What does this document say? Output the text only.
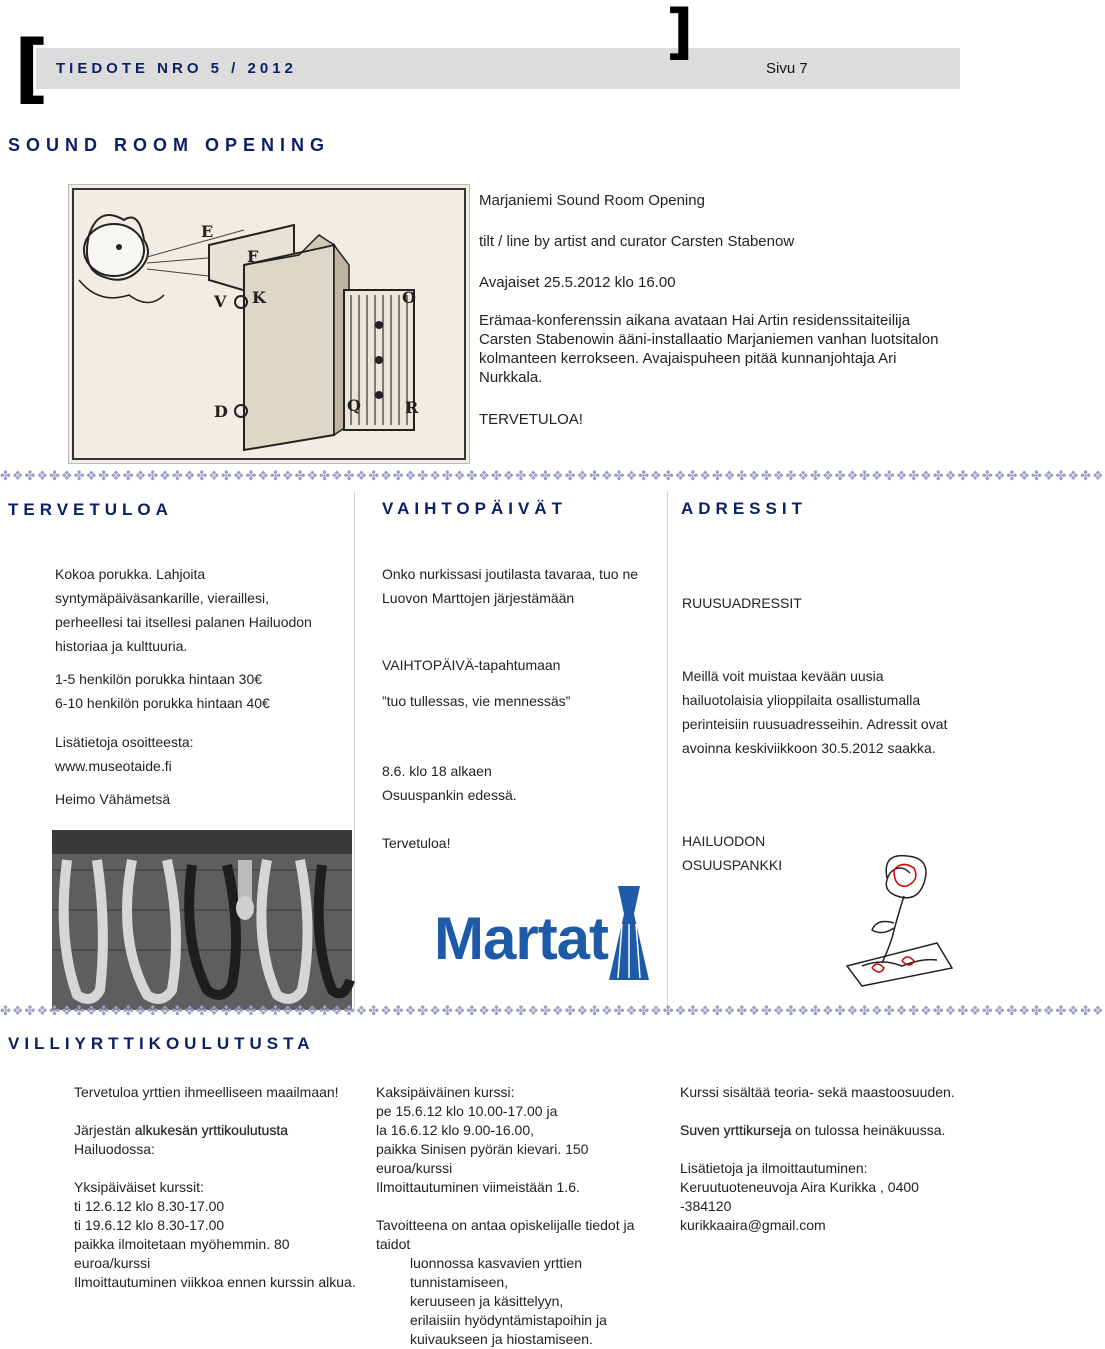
[	]
TIEDOTE NRO 5 / 2012	Sivu 7
SOUND ROOM OPENING
E
F
V K	O
D	Q	R
Marjaniemi Sound Room Opening
tilt / line by artist and curator Carsten Stabenow
Avajaiset 25.5.2012 klo 16.00
Erämaa-konferenssin aikana avataan Hai Artin residenssitaiteilija Carsten Stabenowin ääni-installaatio Marjaniemen vanhan luotsitalon kolmanteen kerrokseen. Avajaispuheen pitää kunnanjohtaja Ari Nurkkala.
TERVETULOA!
✤❖✤❖✤❖✤❖✤❖✤❖✤❖✤❖✤❖✤❖✤❖✤❖✤❖✤❖✤❖✤❖✤❖✤❖✤❖✤❖✤❖✤❖✤❖✤❖✤❖✤❖✤❖✤❖✤❖✤❖✤❖✤❖✤❖✤❖✤❖✤❖✤❖✤❖✤❖✤❖✤❖✤❖✤❖✤❖✤❖
TERVETULOA	VAIHTOPÄIVÄT	ADRESSIT
Kokoa porukka. Lahjoita syntymäpäiväsankarille, vieraillesi, perheellesi tai itsellesi palanen Hailuodon historiaa ja kulttuuria.
1-5 henkilön porukka hintaan 30€
6-10 henkilön porukka hintaan 40€
Lisätietoja osoitteesta: www.museotaide.fi
Heimo Vähämetsä
Onko nurkissasi joutilasta tavaraa, tuo ne Luovon Marttojen järjestämään
VAIHTOPÄIVÄ-tapahtumaan
”tuo tullessas, vie mennessäs”
8.6. klo 18 alkaen
Osuuspankin edessä.
Tervetuloa!
Martat
RUUSUADRESSIT
Meillä voit muistaa kevään uusia hailuotolaisia ylioppilaita osallistumalla perinteisiin ruusuadresseihin. Adressit ovat avoinna keskiviikkoon 30.5.2012 saakka.
HAILUODON
OSUUSPANKKI
✤❖✤❖✤❖✤❖✤❖✤❖✤❖✤❖✤❖✤❖✤❖✤❖✤❖✤❖✤❖✤❖✤❖✤❖✤❖✤❖✤❖✤❖✤❖✤❖✤❖✤❖✤❖✤❖✤❖✤❖✤❖✤❖✤❖✤❖✤❖✤❖✤❖✤❖✤❖✤❖✤❖✤❖✤❖✤❖✤❖
VILLIYRTTIKOULUTUSTA

Tervetuloa yrttien ihmeelliseen maailmaan!

Järjestän alkukesän yrttikoulutusta

Hailuodossa:

Yksipäiväiset kurssit:

ti 12.6.12 klo 8.30-17.00

ti 19.6.12 klo 8.30-17.00

paikka ilmoitetaan myöhemmin. 80 euroa/kurssi

Ilmoittautuminen viikkoa ennen kurssin alkua.

Kaksipäiväinen kurssi:

pe 15.6.12 klo 10.00-17.00 ja

la 16.6.12 klo 9.00-16.00,

paikka Sinisen pyörän kievari. 150 euroa/kurssi

Ilmoittautuminen viimeistään 1.6.

Tavoitteena on antaa opiskelijalle tiedot ja taidot

luonnossa kasvavien yrttien tunnistamiseen,

keruuseen ja käsittelyyn,

erilaisiin hyödyntämistapoihin ja

kuivaukseen ja hiostamiseen.

Kurssi sisältää teoria- sekä maastoosuuden.

Suven yrttikurseja on tulossa heinäkuussa.

Lisätietoja ja ilmoittautuminen:

Keruutuoteneuvoja Aira Kurikka , 0400 -384120

kurikkaaira@gmail.com
